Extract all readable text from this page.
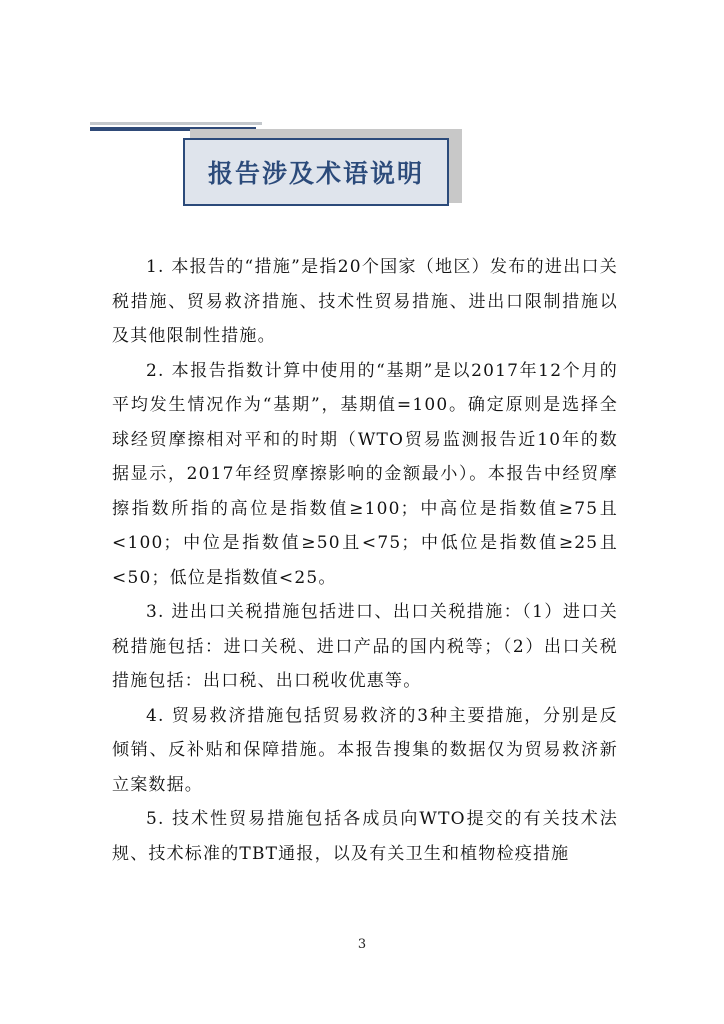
报告涉及术语说明

1. 本报告的“措施”是指20个国家（地区）发布的进出口关税措施、贸易救济措施、技术性贸易措施、进出口限制措施以及其他限制性措施。

2. 本报告指数计算中使用的“基期”是以2017年12个月的平均发生情况作为“基期”，基期值=100。确定原则是选择全球经贸摩擦相对平和的时期（WTO贸易监测报告近10年的数据显示，2017年经贸摩擦影响的金额最小）。本报告中经贸摩擦指数所指的高位是指数值≥100；中高位是指数值≥75且<100；中位是指数值≥50且<75；中低位是指数值≥25且<50；低位是指数值<25。

3. 进出口关税措施包括进口、出口关税措施：（1）进口关税措施包括：进口关税、进口产品的国内税等；（2）出口关税措施包括：出口税、出口税收优惠等。

4. 贸易救济措施包括贸易救济的3种主要措施，分别是反倾销、反补贴和保障措施。本报告搜集的数据仅为贸易救济新立案数据。

5. 技术性贸易措施包括各成员向WTO提交的有关技术法规、技术标准的TBT通报，以及有关卫生和植物检疫措施

3
